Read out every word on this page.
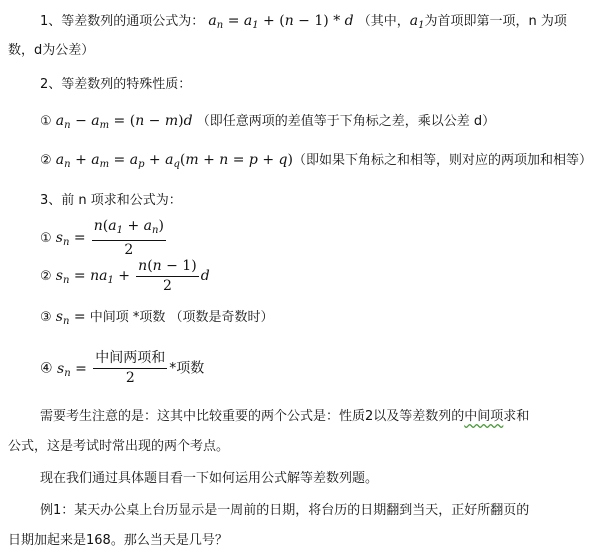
1、等差数列的通项公式为： $a_n = a_1 + (n - 1) * d$ （其中，$a_1$为首项即第一项，n 为项
数，d为公差）
2、等差数列的特殊性质：
① $a_n - a_m = (n - m)d$ （即任意两项的差值等于下角标之差，乘以公差 d）
② $a_n + a_m = a_p + a_q(m + n = p + q)$（即如果下角标之和相等，则对应的两项加和相等）
3、前 n 项求和公式为：
① $s_n = \frac{n(a_1 + a_n)}{2}$
② $s_n = na_1 + \frac{n(n - 1)}{2}$ d
③ $s_n$ = 中间项 *项数 （项数是奇数时）
④ $s_n = \frac{\text{中间两项和}}{2}$ *项数
需要考生注意的是：这其中比较重要的两个公式是：性质2以及等差数列的中间项求和
公式，这是考试时常出现的两个考点。
现在我们通过具体题目看一下如何运用公式解等差数列题。
例1：某天办公桌上台历显示是一周前的日期，将台历的日期翻到当天，正好所翻页的
日期加起来是168。那么当天是几号？
